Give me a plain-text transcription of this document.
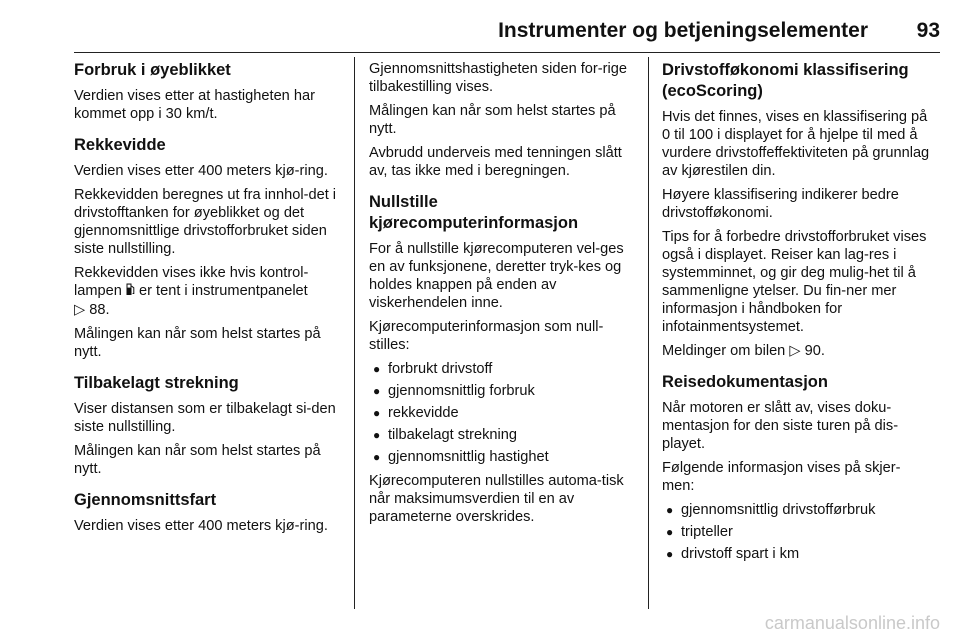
Instrumenter og betjeningselementer 93
Forbruk i øyeblikket

Verdien vises etter at hastigheten har kommet opp i 30 km/t.

Rekkevidde

Verdien vises etter 400 meters kjø-ring.

Rekkevidden beregnes ut fra innhol-det i drivstofftanken for øyeblikket og det gjennomsnittlige drivstofforbruket siden siste nullstilling.

Rekkevidden vises ikke hvis kontrol-lampen er tent i instrumentpanelet
▷ 88.

Målingen kan når som helst startes på nytt.

Tilbakelagt strekning

Viser distansen som er tilbakelagt si-den siste nullstilling.

Målingen kan når som helst startes på nytt.

Gjennomsnittsfart

Verdien vises etter 400 meters kjø-ring.

Gjennomsnittshastigheten siden for-rige tilbakestilling vises.

Målingen kan når som helst startes på nytt.

Avbrudd underveis med tenningen slått av, tas ikke med i beregningen.

Nullstille kjørecomputerinformasjon

For å nullstille kjørecomputeren vel-ges en av funksjonene, deretter tryk-kes og holdes knappen på enden av viskerhendelen inne.

Kjørecomputerinformasjon som null-stilles:

● forbrukt drivstoff
● gjennomsnittlig forbruk
● rekkevidde
● tilbakelagt strekning
● gjennomsnittlig hastighet

Kjørecomputeren nullstilles automa-tisk når maksimumsverdien til en av parameterne overskrides.

Drivstofføkonomi klassifisering (ecoScoring)

Hvis det finnes, vises en klassifisering på 0 til 100 i displayet for å hjelpe til med å vurdere drivstoffeffektiviteten på grunnlag av kjørestilen din.

Høyere klassifisering indikerer bedre drivstofføkonomi.

Tips for å forbedre drivstofforbruket vises også i displayet. Reiser kan lag-res i systemminnet, og gir deg mulig-het til å sammenligne ytelser. Du fin-ner mer informasjon i håndboken for infotainmentsystemet.

Meldinger om bilen ▷ 90.

Reisedokumentasjon

Når motoren er slått av, vises doku-mentasjon for den siste turen på dis-playet.

Følgende informasjon vises på skjer-men:

● gjennomsnittlig drivstofførbruk
● tripteller
● drivstoff spart i km
carmanualsonline.info
